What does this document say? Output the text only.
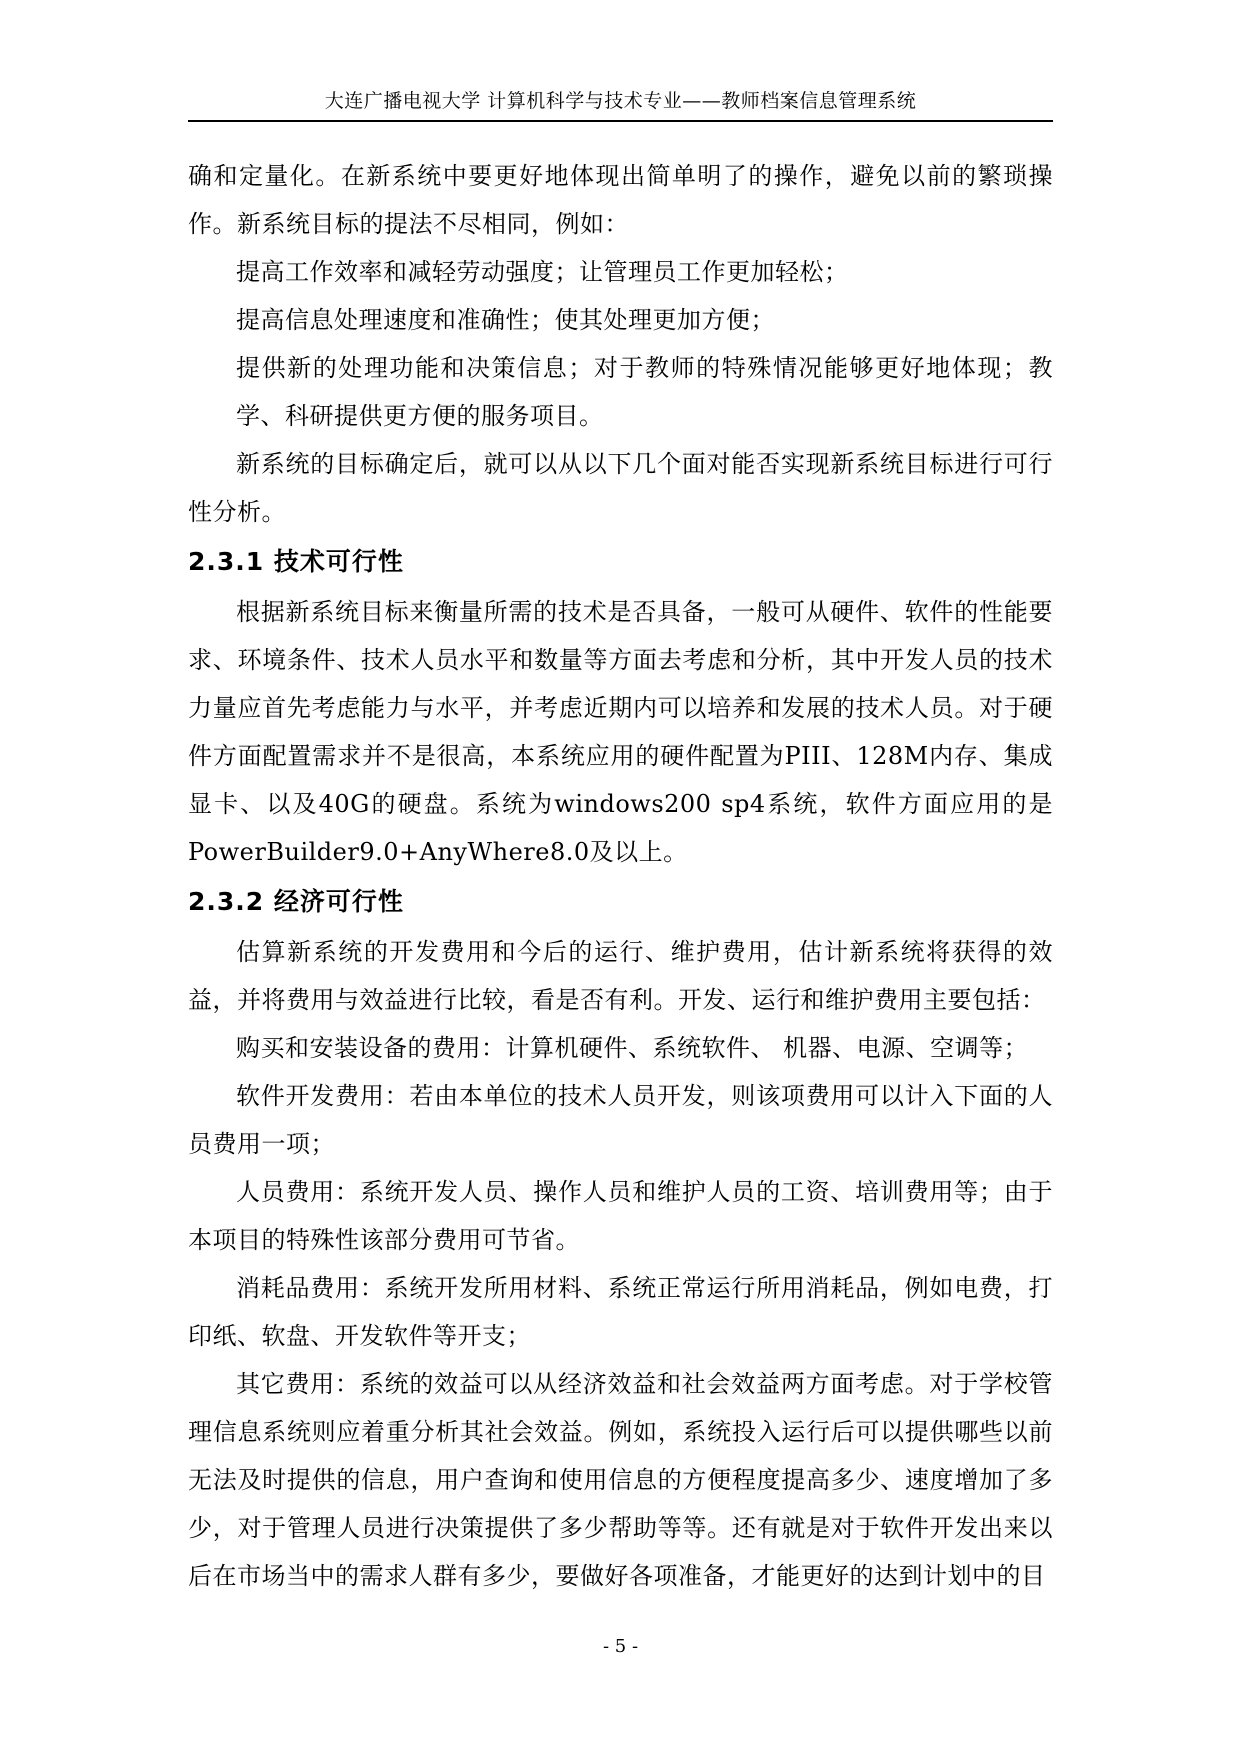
大连广播电视大学 计算机科学与技术专业——教师档案信息管理系统

确和定量化。在新系统中要更好地体现出简单明了的操作，避免以前的繁琐操作。新系统目标的提法不尽相同，例如：

提高工作效率和减轻劳动强度；让管理员工作更加轻松；

提高信息处理速度和准确性；使其处理更加方便；

提供新的处理功能和决策信息；对于教师的特殊情况能够更好地体现；教学、科研提供更方便的服务项目。

新系统的目标确定后，就可以从以下几个面对能否实现新系统目标进行可行性分析。

2.3.1 技术可行性

根据新系统目标来衡量所需的技术是否具备，一般可从硬件、软件的性能要求、环境条件、技术人员水平和数量等方面去考虑和分析，其中开发人员的技术力量应首先考虑能力与水平，并考虑近期内可以培养和发展的技术人员。对于硬件方面配置需求并不是很高，本系统应用的硬件配置为PIII、128M内存、集成显卡、以及40G的硬盘。系统为windows200 sp4系统，软件方面应用的是PowerBuilder9.0+AnyWhere8.0及以上。

2.3.2 经济可行性

估算新系统的开发费用和今后的运行、维护费用，估计新系统将获得的效益，并将费用与效益进行比较，看是否有利。开发、运行和维护费用主要包括：

购买和安装设备的费用：计算机硬件、系统软件、 机器、电源、空调等；

软件开发费用：若由本单位的技术人员开发，则该项费用可以计入下面的人员费用一项；

人员费用：系统开发人员、操作人员和维护人员的工资、培训费用等；由于本项目的特殊性该部分费用可节省。

消耗品费用：系统开发所用材料、系统正常运行所用消耗品，例如电费，打印纸、软盘、开发软件等开支；

其它费用：系统的效益可以从经济效益和社会效益两方面考虑。对于学校管理信息系统则应着重分析其社会效益。例如，系统投入运行后可以提供哪些以前无法及时提供的信息，用户查询和使用信息的方便程度提高多少、速度增加了多少，对于管理人员进行决策提供了多少帮助等等。还有就是对于软件开发出来以后在市场当中的需求人群有多少，要做好各项准备，才能更好的达到计划中的目

- 5 -
